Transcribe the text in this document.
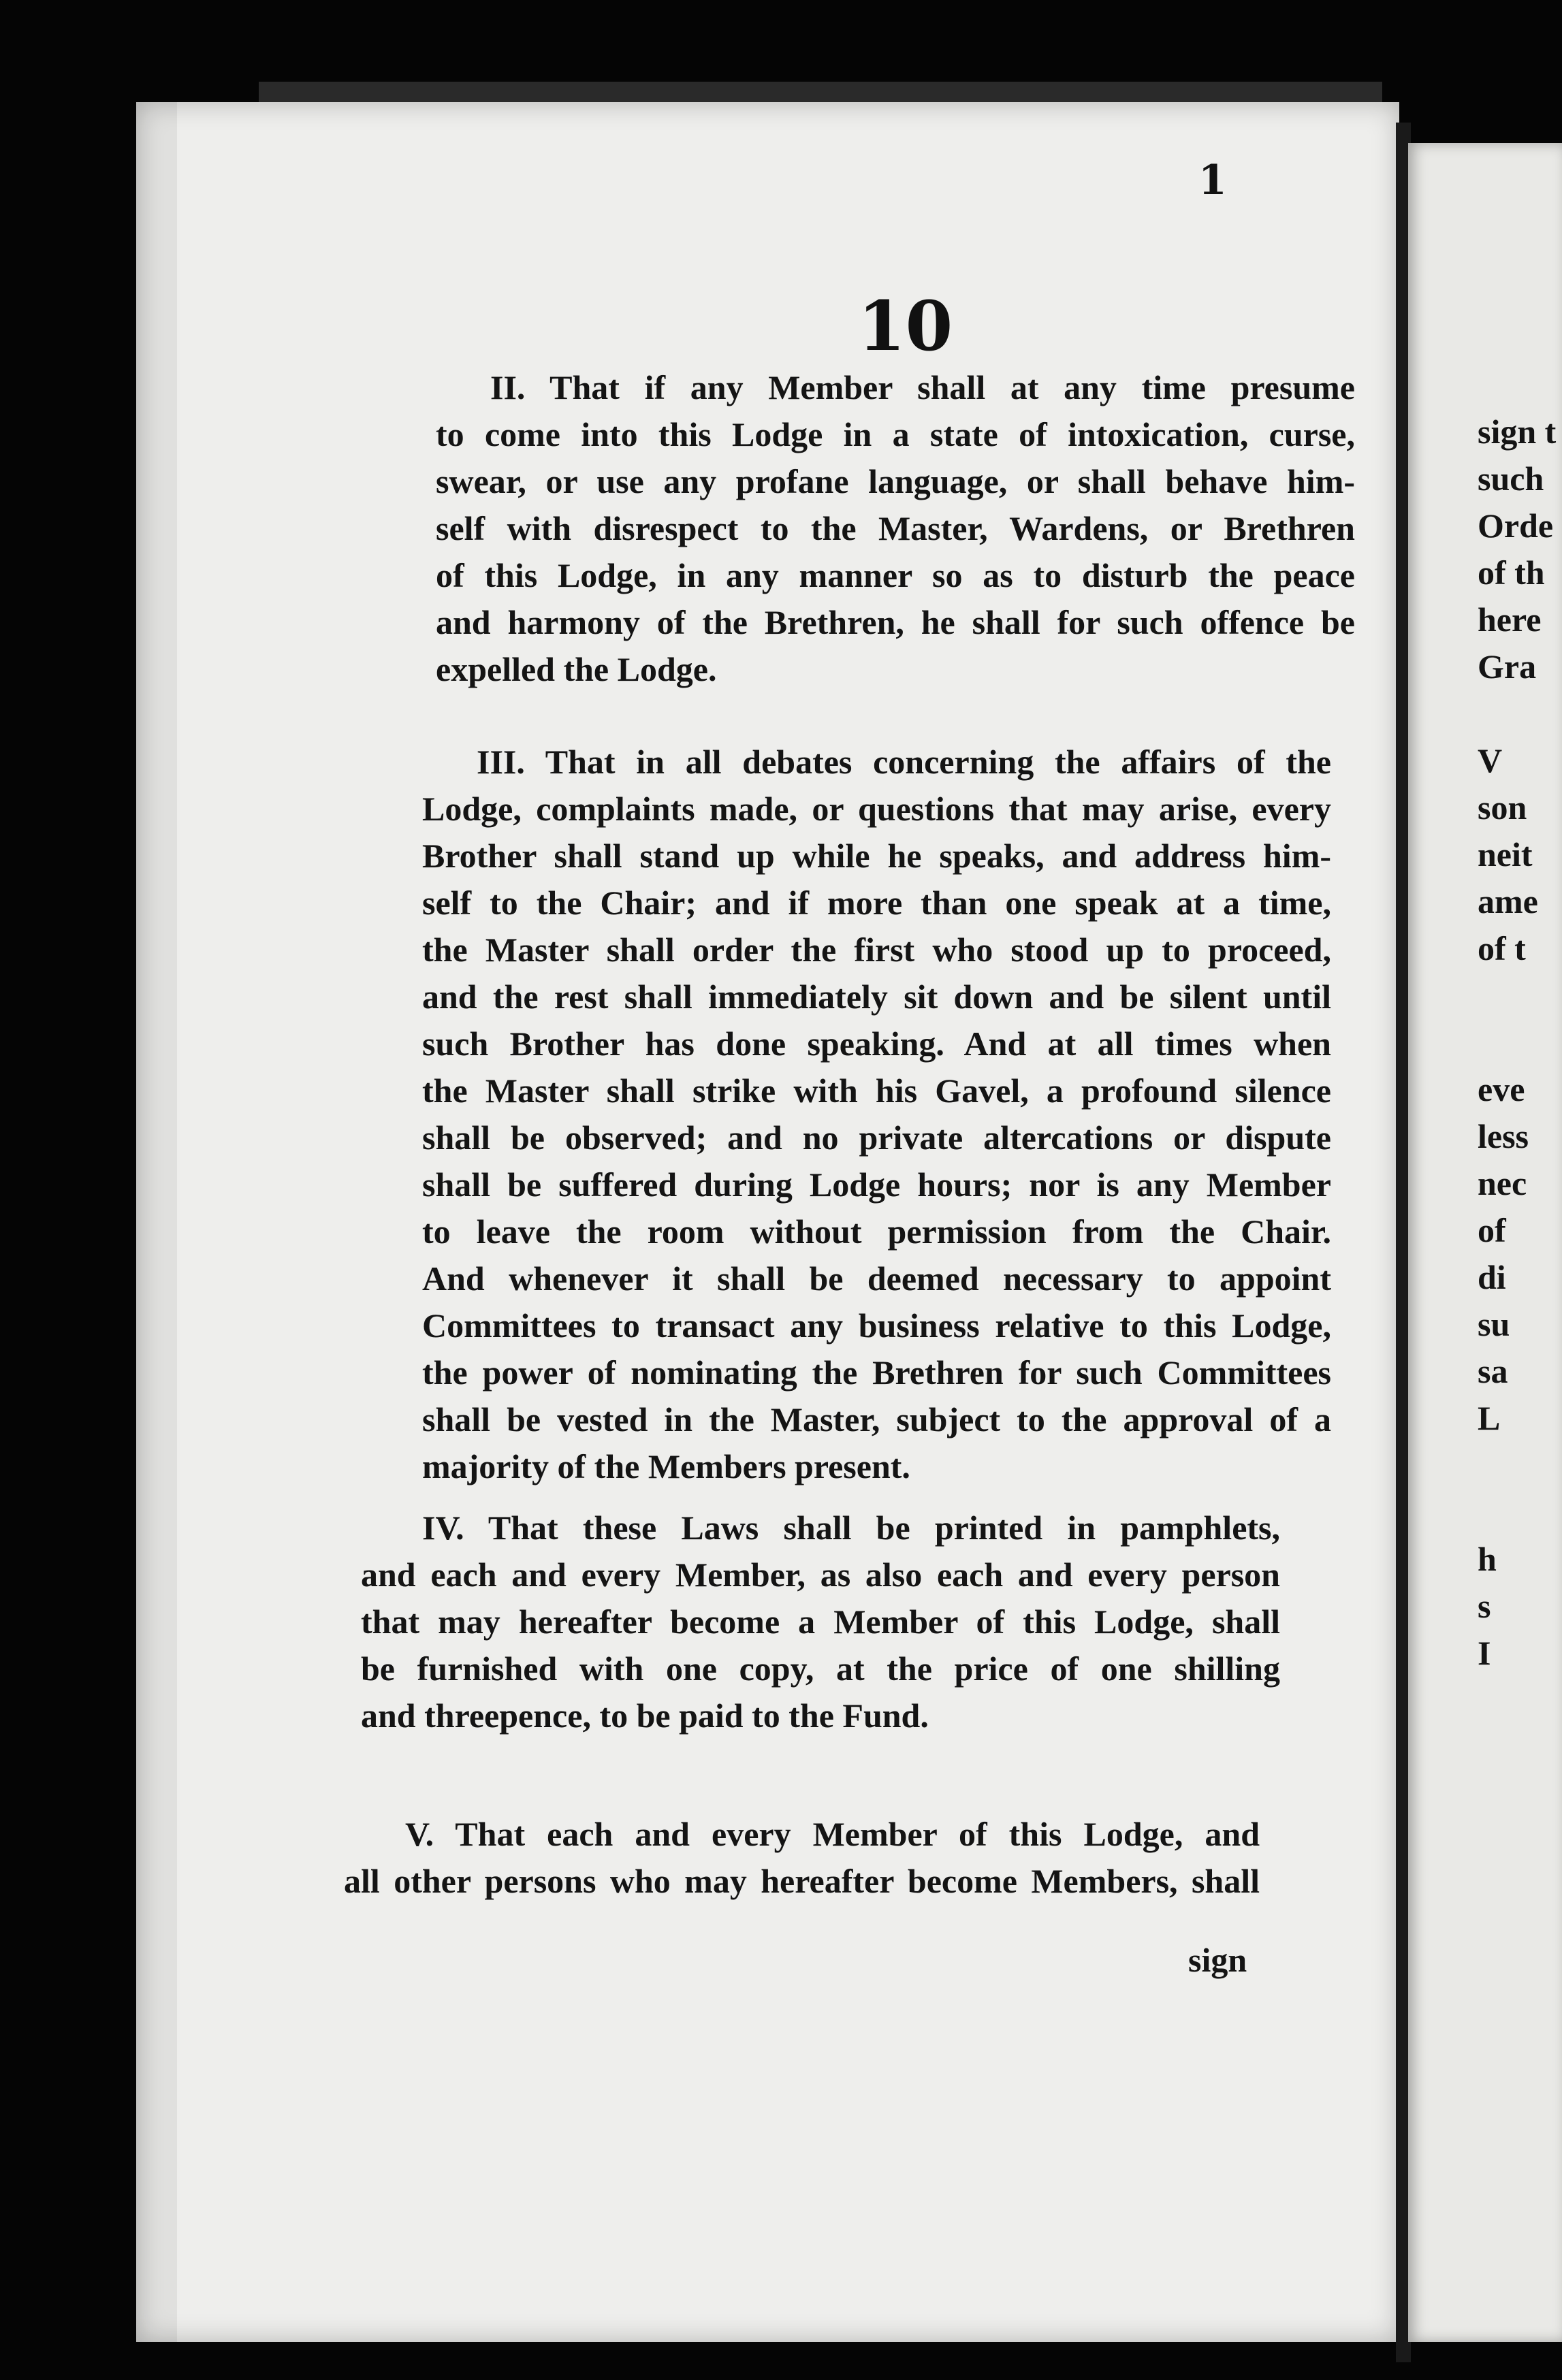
1
10
II. That if any Member shall at any time presume
to come into this Lodge in a state of intoxication, curse,
swear, or use any profane language, or shall behave him-
self with disrespect to the Master, Wardens, or Brethren
of this Lodge, in any manner so as to disturb the peace
and harmony of the Brethren, he shall for such offence be
expelled the Lodge.
III. That in all debates concerning the affairs of the
Lodge, complaints made, or questions that may arise, every
Brother shall stand up while he speaks, and address him-
self to the Chair; and if more than one speak at a time,
the Master shall order the first who stood up to proceed,
and the rest shall immediately sit down and be silent until
such Brother has done speaking. And at all times when
the Master shall strike with his Gavel, a profound silence
shall be observed; and no private altercations or dispute
shall be suffered during Lodge hours; nor is any Member
to leave the room without permission from the Chair.
And whenever it shall be deemed necessary to appoint
Committees to transact any business relative to this Lodge,
the power of nominating the Brethren for such Committees
shall be vested in the Master, subject to the approval of a
majority of the Members present.
IV. That these Laws shall be printed in pamphlets,
and each and every Member, as also each and every person
that may hereafter become a Member of this Lodge, shall
be furnished with one copy, at the price of one shilling
and threepence, to be paid to the Fund.
V. That each and every Member of this Lodge, and
all other persons who may hereafter become Members, shall
sign
sign t
such
Orde
of th
here
Gra

V
son
neit
ame
of t

eve
less
nec
of
di
su
sa
L

h
s
I
